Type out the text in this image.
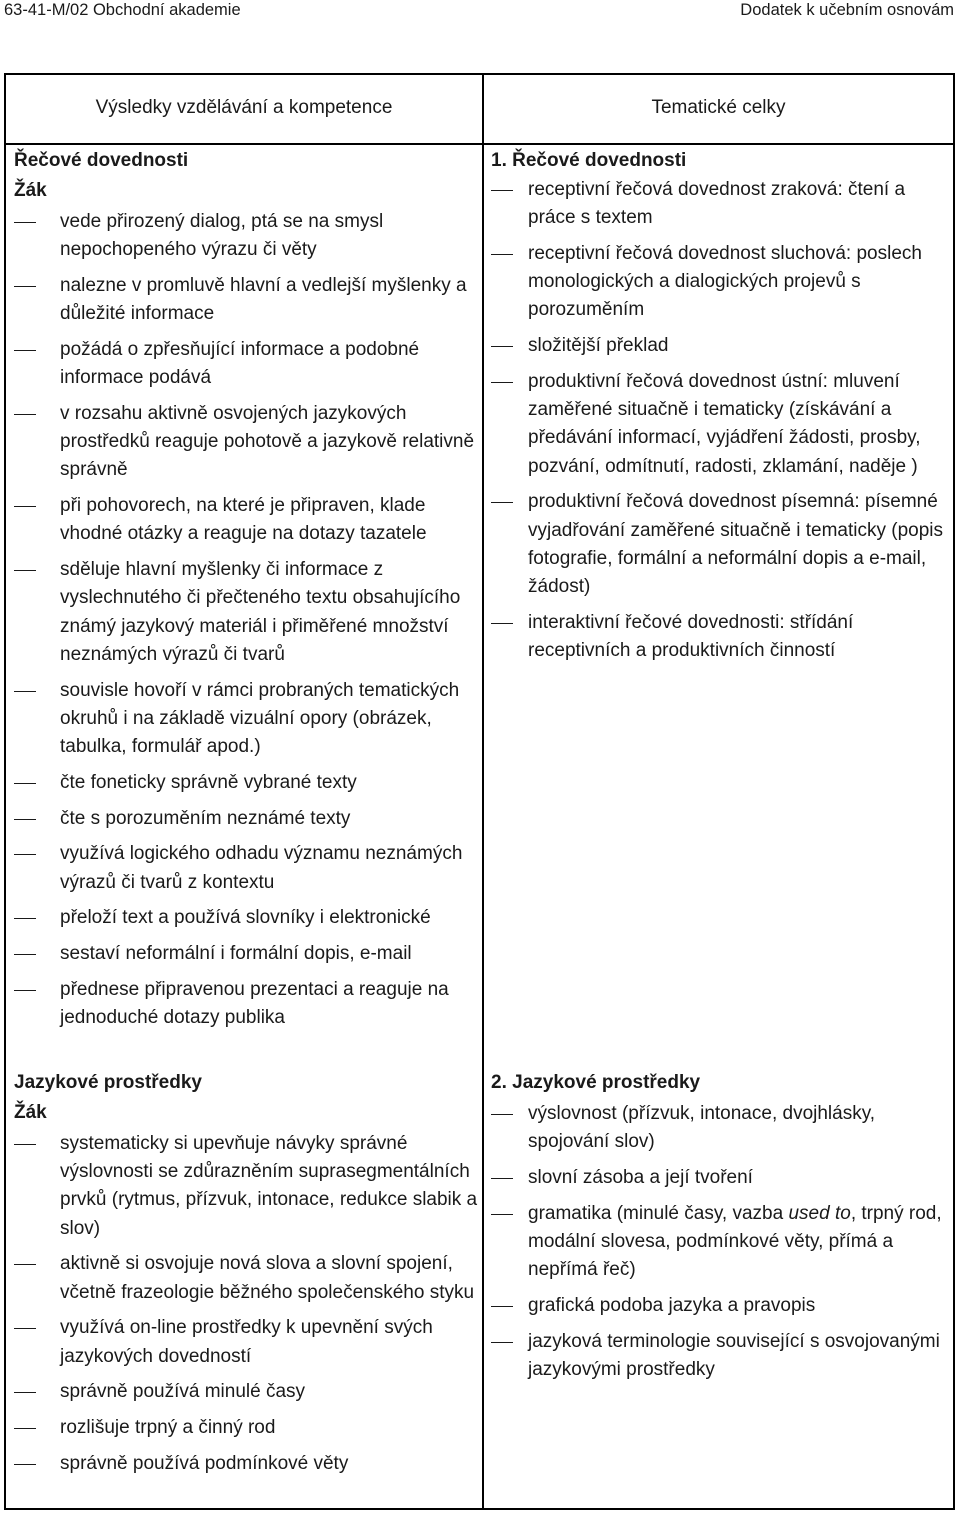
63-41-M/02 Obchodní akademie	Dodatek k učebním osnovám
Výsledky vzdělávání a kompetence	Tematické celky
Řečové dovednosti
Žák
vede přirozený dialog, ptá se na smysl nepochopeného výrazu či věty
nalezne v promluvě hlavní a vedlejší myšlenky a důležité informace
požádá o zpřesňující informace a podobné informace podává
v rozsahu aktivně osvojených jazykových prostředků reaguje pohotově a jazykově relativně správně
při pohovorech, na které je připraven, klade vhodné otázky a reaguje na dotazy tazatele
sděluje hlavní myšlenky či informace z vyslechnutého či přečteného textu obsahujícího známý jazykový materiál i přiměřené množství neznámých výrazů či tvarů
souvisle hovoří v rámci probraných tematických okruhů i na základě vizuální opory (obrázek, tabulka, formulář apod.)
čte foneticky správně vybrané texty
čte s porozuměním neznámé texty
využívá logického odhadu významu neznámých výrazů či tvarů z kontextu
přeloží text a používá slovníky i elektronické
sestaví neformální i formální dopis, e-mail
přednese připravenou prezentaci a reaguje na jednoduché dotazy publika
Jazykové prostředky
Žák
systematicky si upevňuje návyky správné výslovnosti se zdůrazněním suprasegmentálních prvků (rytmus, přízvuk, intonace, redukce slabik a slov)
aktivně si osvojuje nová slova a slovní spojení, včetně frazeologie běžného společenského styku
využívá on-line prostředky k upevnění svých jazykových dovedností
správně používá minulé časy
rozlišuje trpný a činný rod
správně používá podmínkové věty
1. Řečové dovednosti
receptivní řečová dovednost zraková: čtení a práce s textem
receptivní řečová dovednost sluchová: poslech monologických a dialogických projevů s porozuměním
složitější překlad
produktivní řečová dovednost ústní: mluvení zaměřené situačně i tematicky (získávání a předávání informací, vyjádření žádosti, prosby, pozvání, odmítnutí, radosti, zklamání, naděje )
produktivní řečová dovednost písemná: písemné vyjadřování zaměřené situačně i tematicky (popis fotografie, formální a neformální dopis a e-mail, žádost)
interaktivní řečové dovednosti: střídání receptivních a produktivních činností
2. Jazykové prostředky
výslovnost (přízvuk, intonace, dvojhlásky, spojování slov)
slovní zásoba a její tvoření
gramatika (minulé časy, vazba used to, trpný rod, modální slovesa, podmínkové věty, přímá a nepřímá řeč)
grafická podoba jazyka a pravopis
jazyková terminologie související s osvojovanými jazykovými prostředky
